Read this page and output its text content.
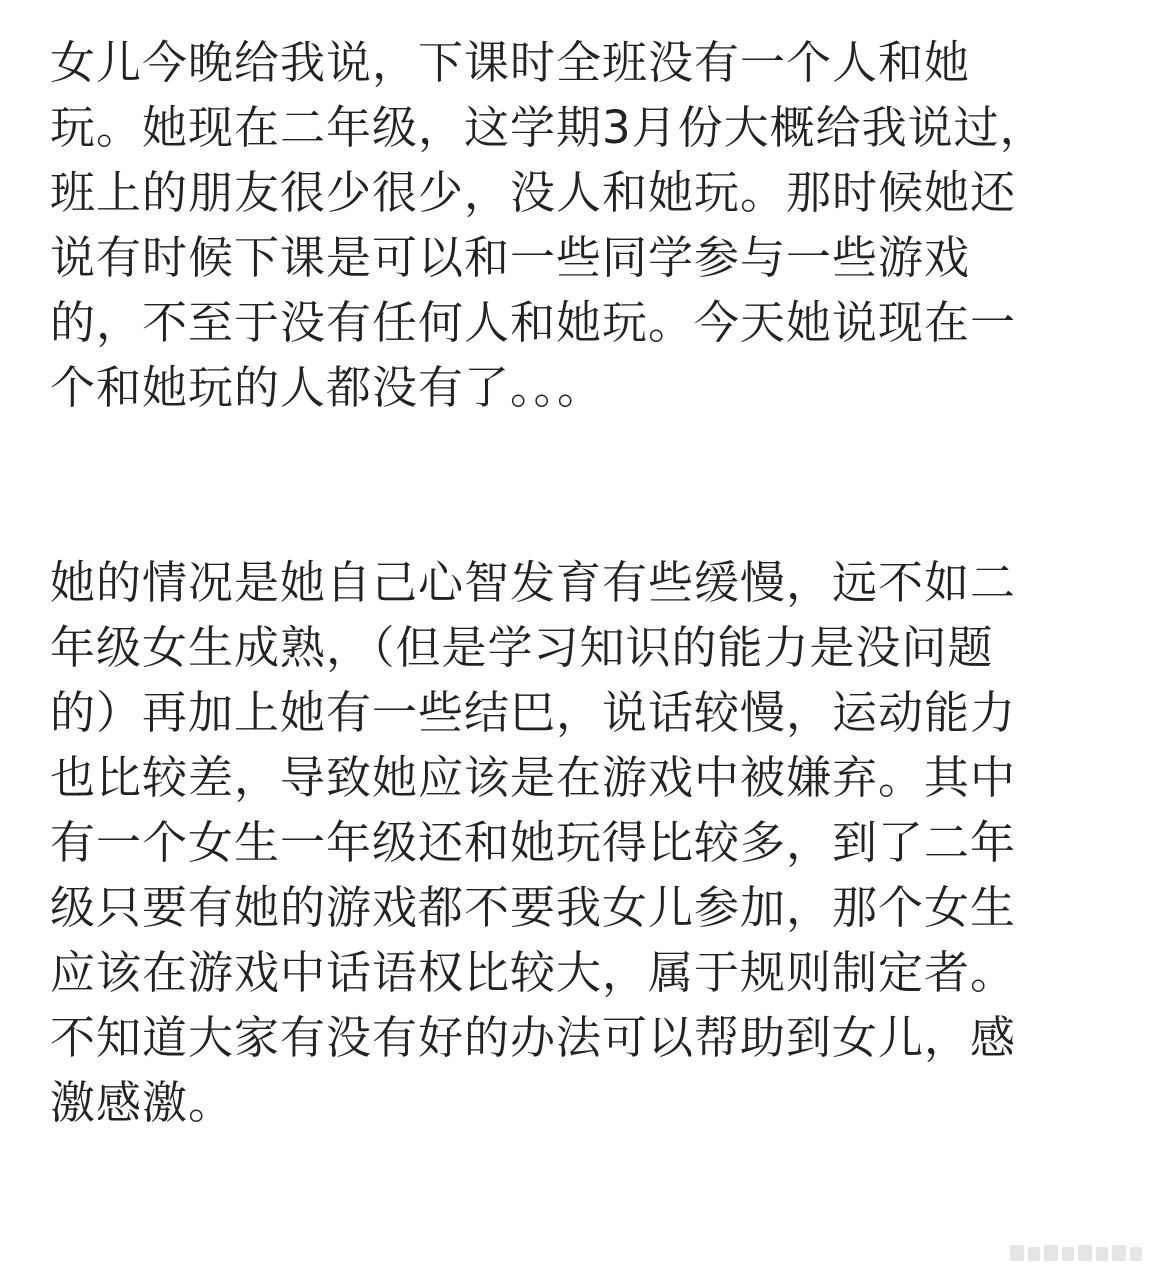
女儿今晚给我说，下课时全班没有一个人和她
玩。她现在二年级，这学期3月份大概给我说过，
班上的朋友很少很少，没人和她玩。那时候她还
说有时候下课是可以和一些同学参与一些游戏
的，不至于没有任何人和她玩。今天她说现在一
个和她玩的人都没有了。。。
她的情况是她自己心智发育有些缓慢，远不如二
年级女生成熟，（但是学习知识的能力是没问题
的）再加上她有一些结巴，说话较慢，运动能力
也比较差，导致她应该是在游戏中被嫌弃。其中
有一个女生一年级还和她玩得比较多，到了二年
级只要有她的游戏都不要我女儿参加，那个女生
应该在游戏中话语权比较大，属于规则制定者。
不知道大家有没有好的办法可以帮助到女儿，感
激感激。
